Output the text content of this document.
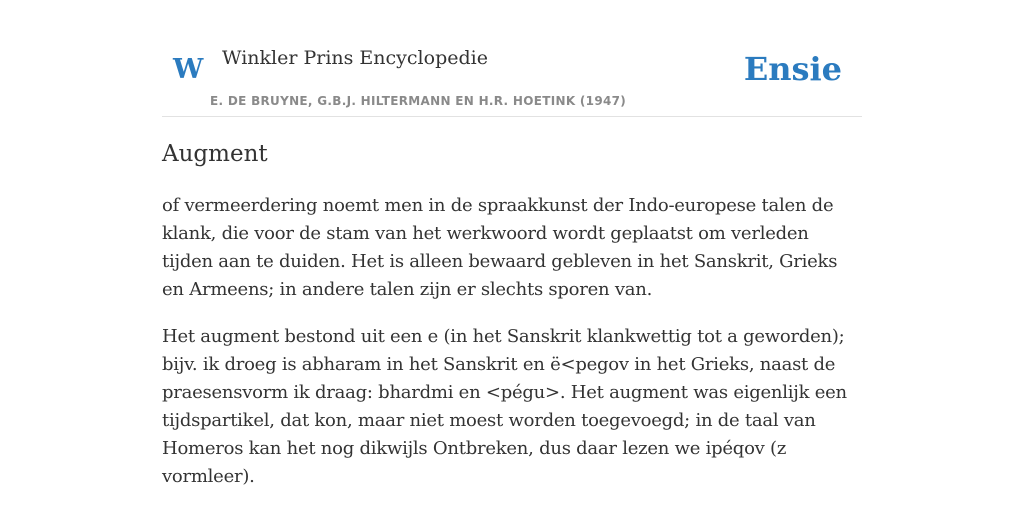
W Winkler Prins Encyclopedie
E. DE BRUYNE, G.B.J. HILTERMANN EN H.R. HOETINK (1947)
Ensie
Augment

of vermeerdering noemt men in de spraakkunst der Indo-europese talen de klank, die voor de stam van het werkwoord wordt geplaatst om verleden tijden aan te duiden. Het is alleen bewaard gebleven in het Sanskrit, Grieks en Armeens; in andere talen zijn er slechts sporen van.

Het augment bestond uit een e (in het Sanskrit klankwettig tot a geworden); bijv. ik droeg is abharam in het Sanskrit en ë<pegov in het Grieks, naast de praesensvorm ik draag: bhardmi en <pégu>. Het augment was eigenlijk een tijdspartikel, dat kon, maar niet moest worden toegevoegd; in de taal van Homeros kan het nog dikwijls Ontbreken, dus daar lezen we ipéqov (z vormleer).
